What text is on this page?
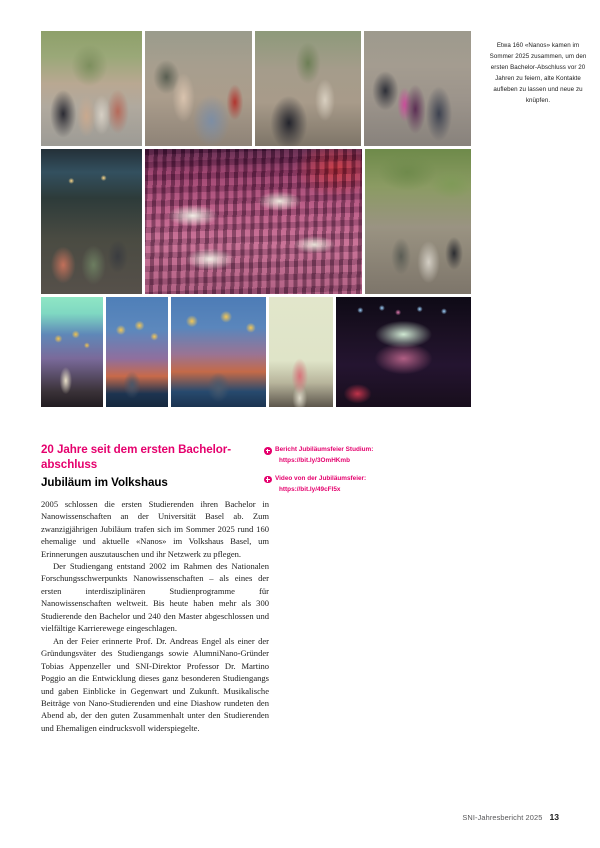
Etwa 160 «Nanos» kamen im Sommer 2025 zusammen, um den ersten Bachelor-Abschluss vor 20 Jahren zu feiern, alte Kontakte aufleben zu lassen und neue zu knüpfen.
20 Jahre seit dem ersten Bachelor-abschluss
Jubiläum im Volkshaus

2005 schlossen die ersten Studierenden ihren Bachelor in Nanowissenschaften an der Universität Basel ab. Zum zwanzigjährigen Jubiläum trafen sich im Sommer 2025 rund 160 ehemalige und aktuelle «Nanos» im Volkshaus Basel, um Erinnerungen auszutauschen und ihr Netzwerk zu pflegen.

Der Studiengang entstand 2002 im Rahmen des Nationalen Forschungsschwerpunkts Nanowissenschaften – als eines der ersten interdisziplinären Studienprogramme für Nanowissenschaften weltweit. Bis heute haben mehr als 300 Studierende den Bachelor und 240 den Master abgeschlossen und vielfältige Karrierewege eingeschlagen.

An der Feier erinnerte Prof. Dr. Andreas Engel als einer der Gründungsväter des Studiengangs sowie AlumniNano-Gründer Tobias Appenzeller und SNI-Direktor Professor Dr. Martino Poggio an die Entwicklung dieses ganz besonderen Studiengangs und gaben Einblicke in Gegenwart und Zukunft. Musikalische Beiträge von Nano-Studierenden und eine Diashow rundeten den Abend ab, der den guten Zusammenhalt unter den Studierenden und Ehemaligen eindrucksvoll widerspiegelte.

Bericht Jubiläumsfeier Studium:
https://bit.ly/3OmHKmb
Video von der Jubiläumsfeier:
https://bit.ly/49cFl5x
SNI-Jahresbericht 2025 13
